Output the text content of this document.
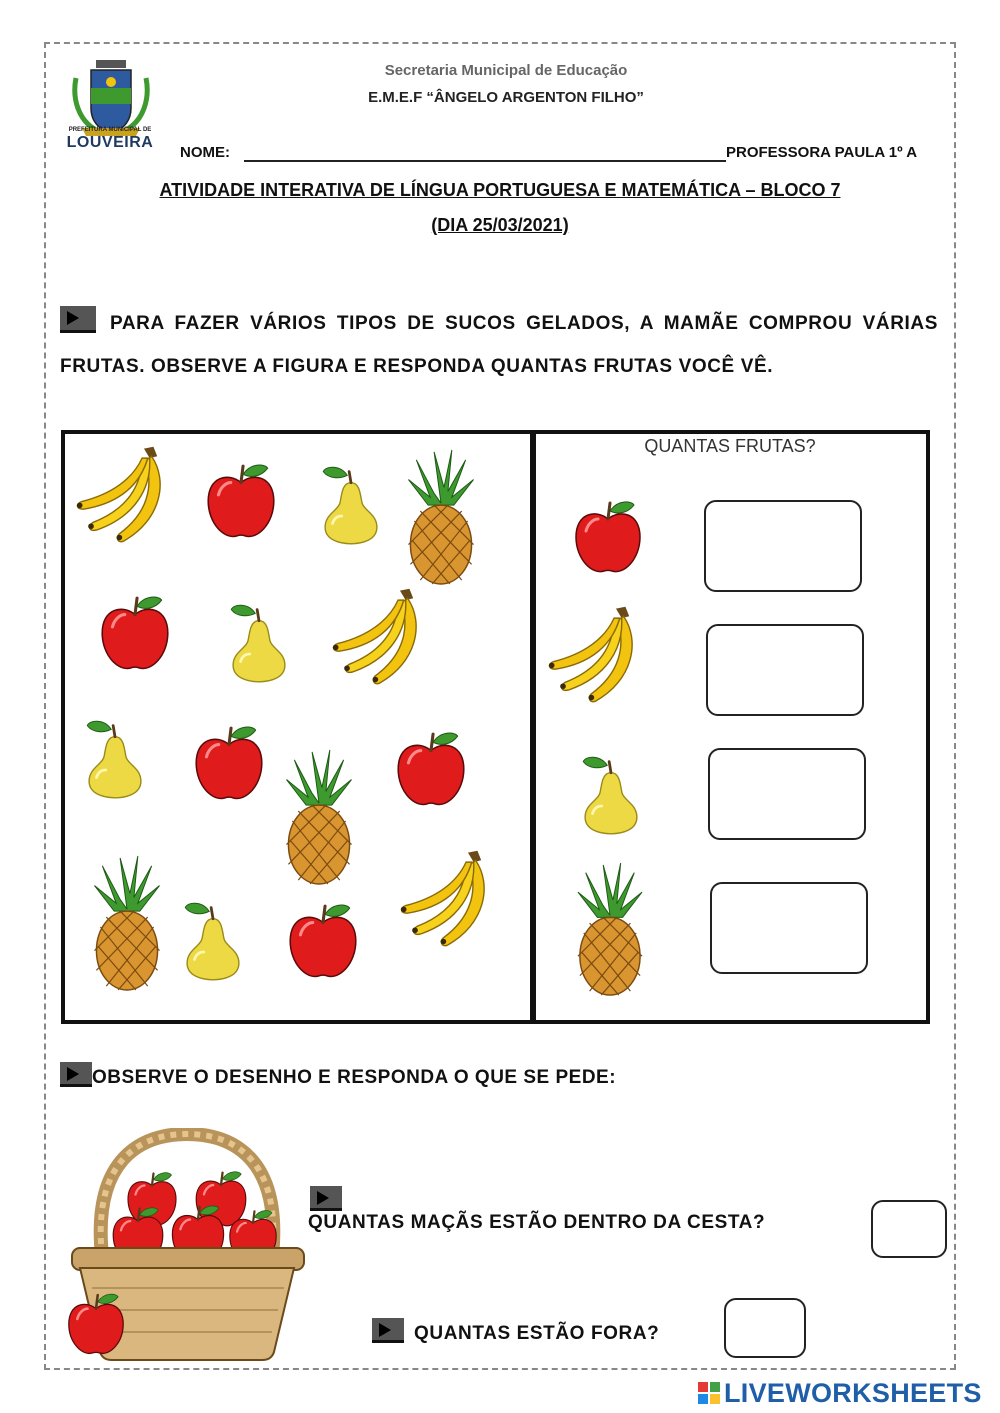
PREFEITURA MUNICIPAL DE
LOUVEIRA
Secretaria Municipal de Educação
E.M.E.F “ÂNGELO ARGENTON FILHO”
NOME:	PROFESSORA PAULA 1º A
ATIVIDADE INTERATIVA DE LÍNGUA PORTUGUESA E MATEMÁTICA – BLOCO 7
(DIA 25/03/2021)
PARA FAZER VÁRIOS TIPOS DE SUCOS GELADOS, A MAMÃE COMPROU VÁRIAS FRUTAS. OBSERVE A FIGURA E RESPONDA QUANTAS FRUTAS VOCÊ VÊ.
QUANTAS FRUTAS?
OBSERVE O DESENHO E RESPONDA O QUE SE PEDE:
QUANTAS MAÇÃS ESTÃO DENTRO DA CESTA?
QUANTAS ESTÃO FORA?
LIVEWORKSHEETS
